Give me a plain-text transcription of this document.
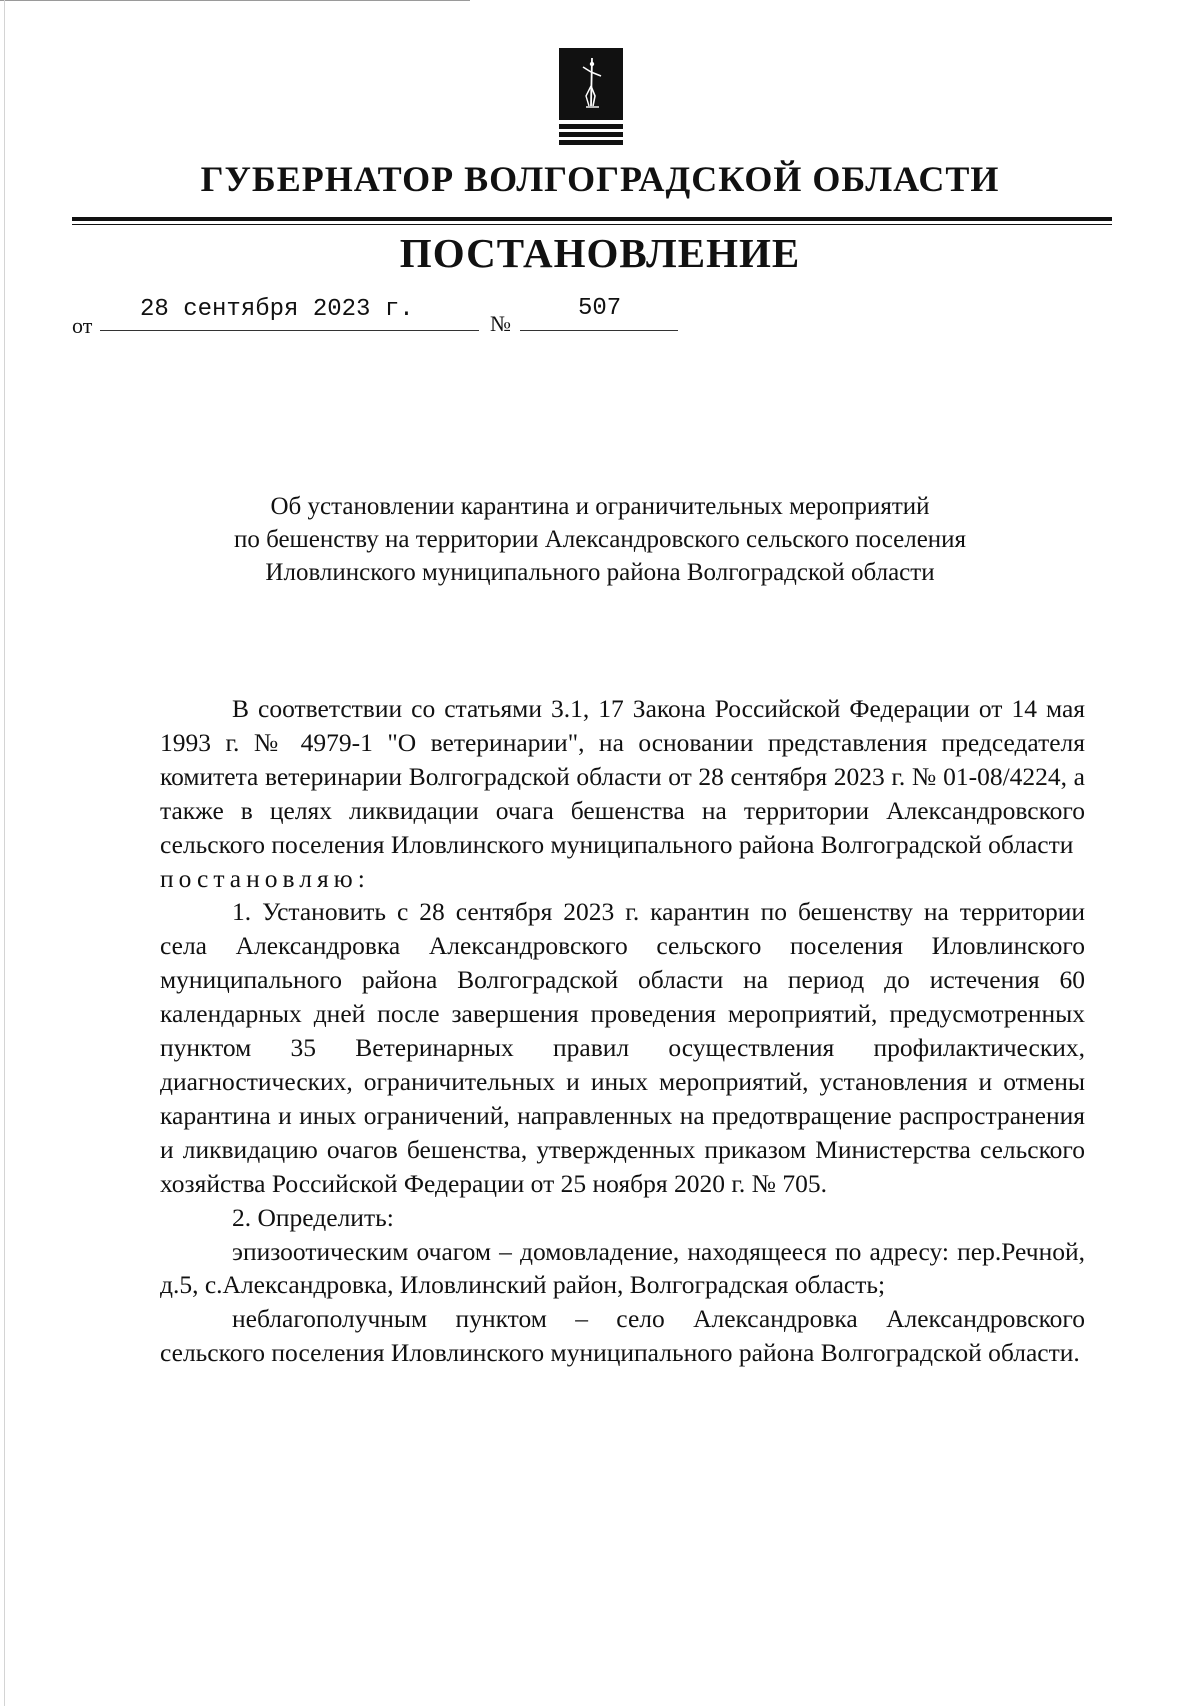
ГУБЕРНАТОР ВОЛГОГРАДСКОЙ ОБЛАСТИ
ПОСТАНОВЛЕНИЕ
от
28 сентября 2023 г.
№
507
Об установлении карантина и ограничительных мероприятий
по бешенству на территории Александровского сельского поселения
Иловлинского муниципального района Волгоградской области

В соответствии со статьями 3.1, 17 Закона Российской Федерации от 14 мая 1993 г. № 4979-1 "О ветеринарии", на основании представления председателя комитета ветеринарии Волгоградской области от 28 сентября 2023 г. № 01-08/4224, а также в целях ликвидации очага бешенства на территории Александровского сельского поселения Иловлинского муниципального района Волгоградской области

постановляю:

1. Установить с 28 сентября 2023 г. карантин по бешенству на территории села Александровка Александровского сельского поселения Иловлинского муниципального района Волгоградской области на период до истечения 60 календарных дней после завершения проведения мероприятий, предусмотренных пунктом 35 Ветеринарных правил осуществления профилактических, диагностических, ограничительных и иных мероприятий, установления и отмены карантина и иных ограничений, направленных на предотвращение распространения и ликвидацию очагов бешенства, утвержденных приказом Министерства сельского хозяйства Российской Федерации от 25 ноября 2020 г. № 705.

2. Определить:

эпизоотическим очагом – домовладение, находящееся по адресу: пер.Речной, д.5, с.Александровка, Иловлинский район, Волгоградская область;

неблагополучным пунктом – село Александровка Александровского сельского поселения Иловлинского муниципального района Волгоградской области.
